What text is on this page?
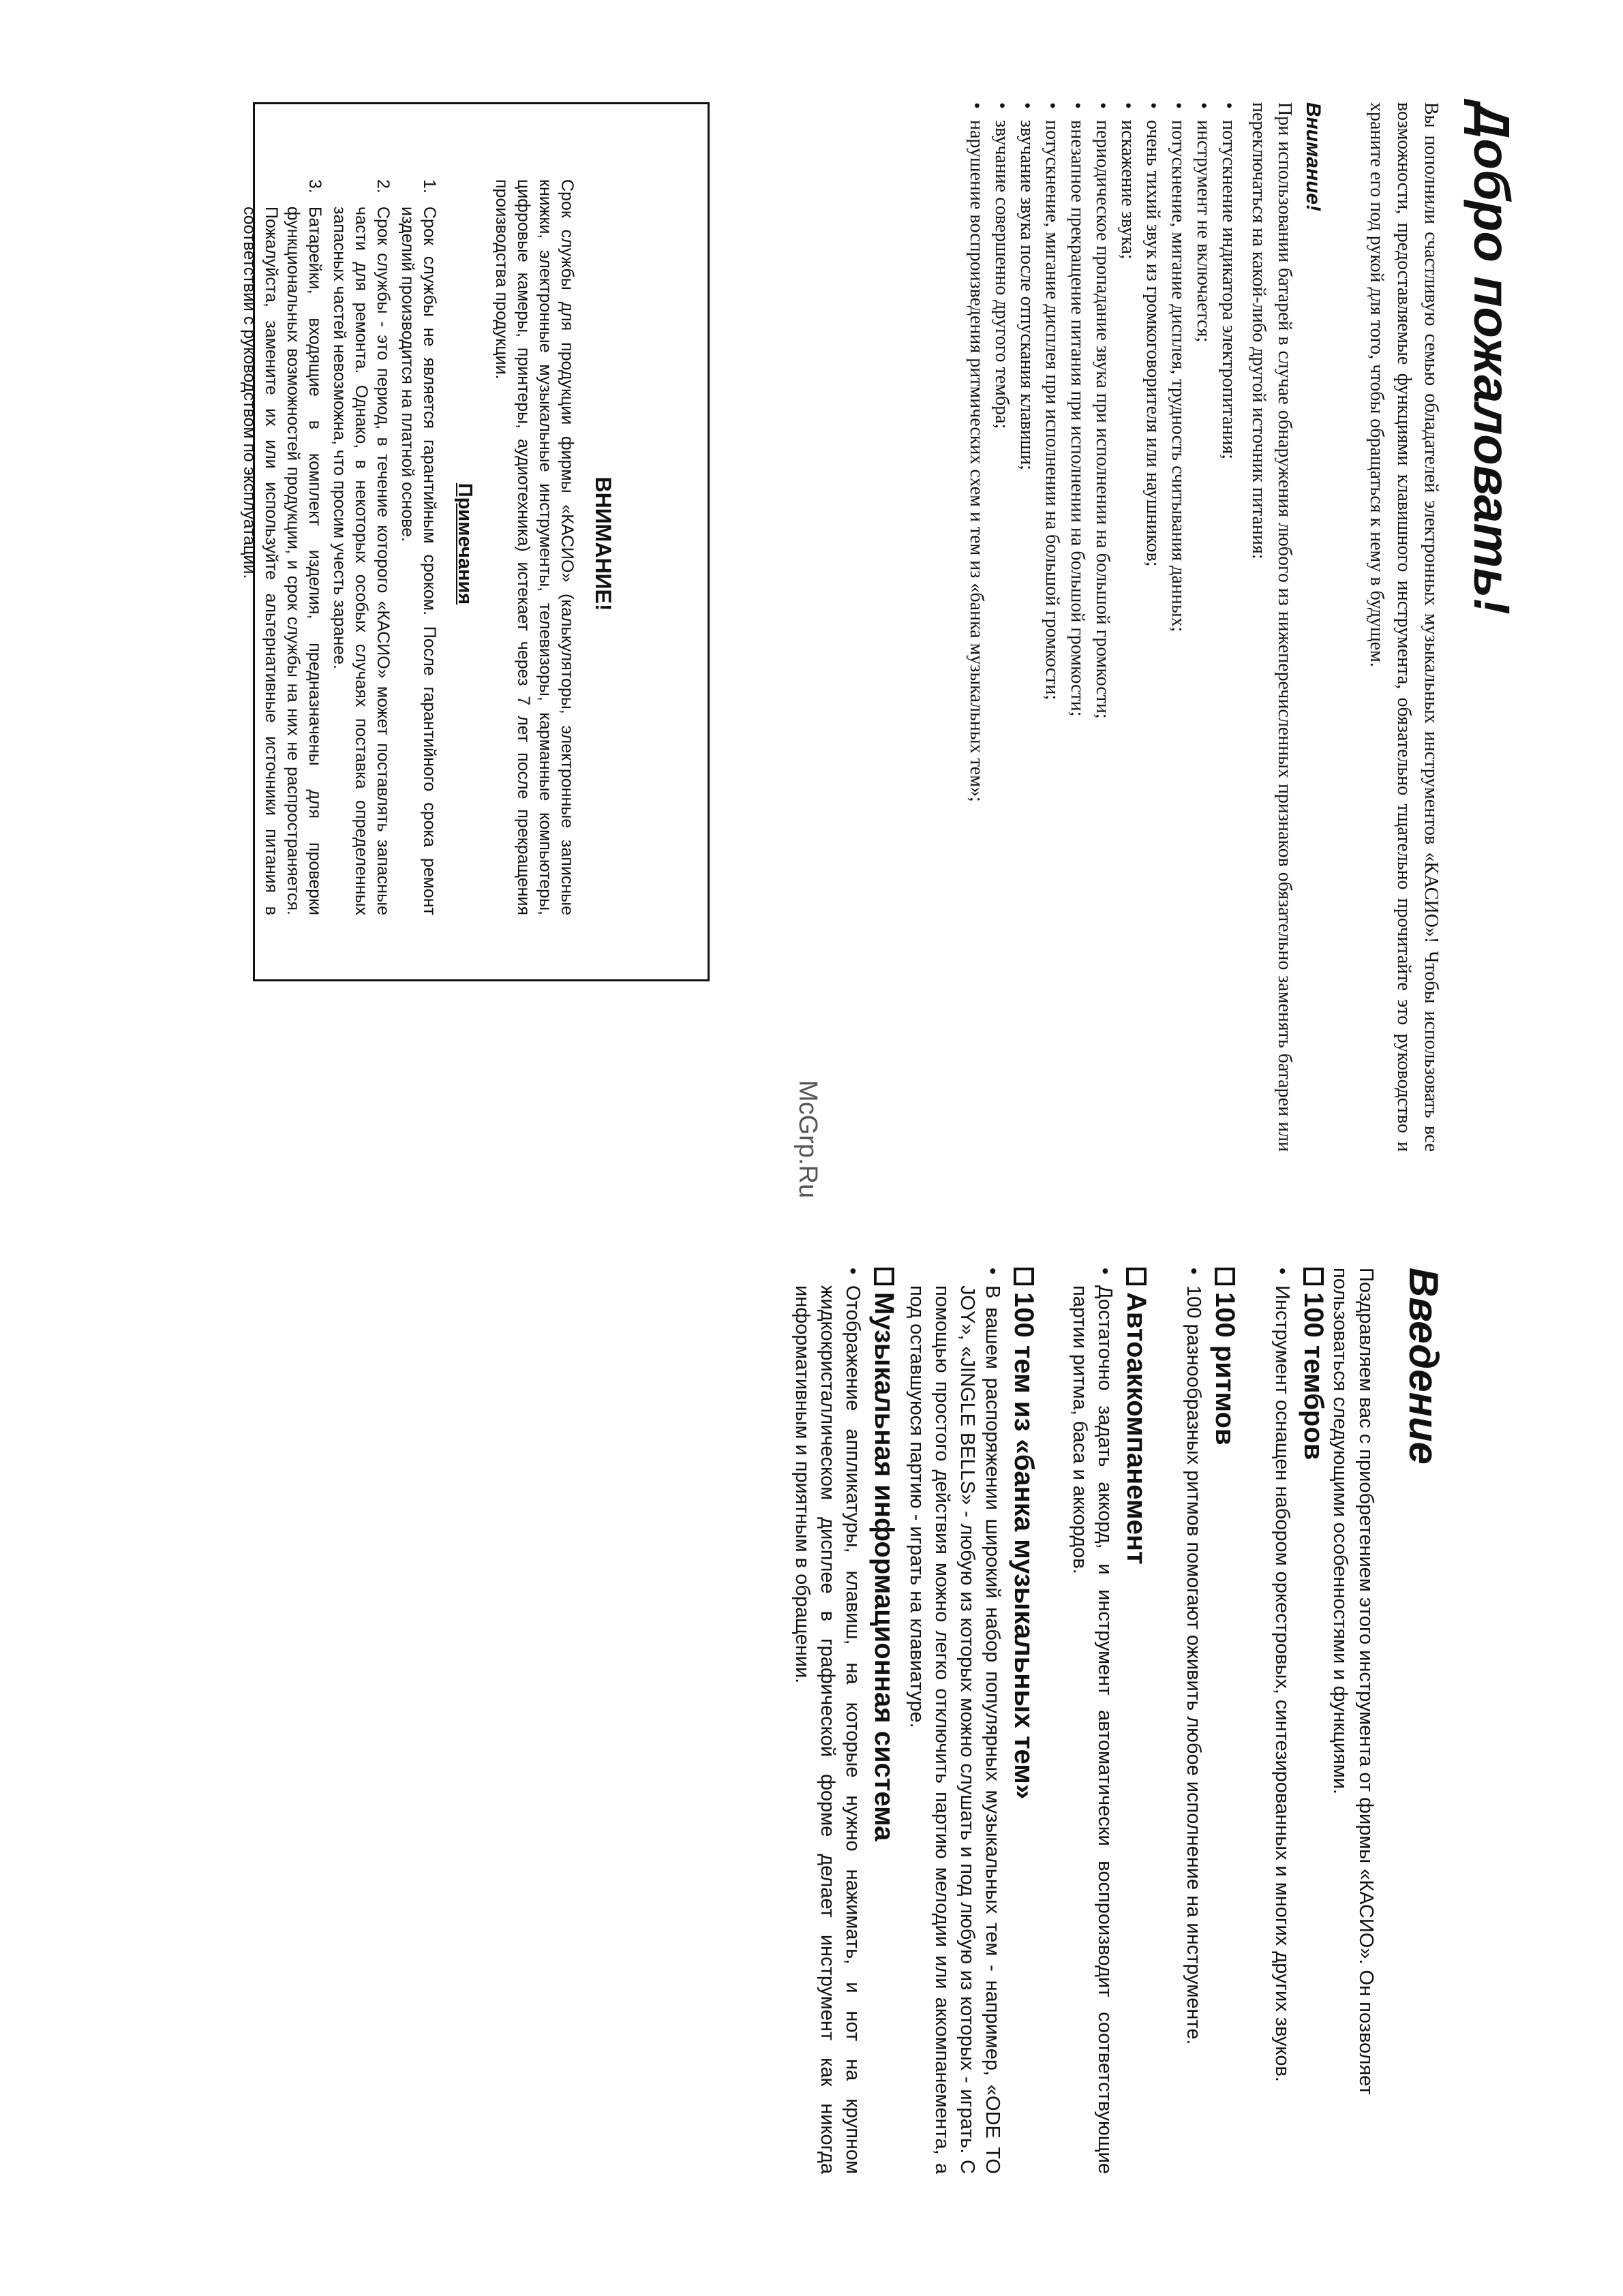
Добро пожаловать!

Вы пополнили счастливую семью обладателей электронных музыкальных инструментов «КАСИО»! Чтобы использовать все возможности, предоставляемые функциями клавишного инструмента, обязательно тщательно прочитайте это руководство и храните его под рукой для того, чтобы обращаться к нему в будущем.

Внимание!

При использовании батарей в случае обнаружения любого из нижеперечисленных признаков обязательно заменять батареи или переключаться на какой-либо другой источник питания:

•
потускнение индикатора электропитания;
•
инструмент не включается;
•
потускнение, мигание дисплея, трудность считывания данных;
•
очень тихий звук из громкоговорителя или наушников;
•
искажение звука;
•
периодическое пропадание звука при исполнении на большой громкости;
•
внезапное прекращение питания при исполнении на большой громкости;
•
потускнение, мигание дисплея при исполнении на большой громкости;
•
звучание звука после отпускания клавиши;
•
звучание совершенно другого тембра;
•
нарушение воспроизведения ритмических схем и тем из «банка музыкальных тем»;
ВНИМАНИЕ!

Срок службы для продукции фирмы «КАСИО» (калькуляторы, электронные записные книжки, электронные музыкальные инструменты, телевизоры, карманные компьютеры, цифровые камеры, принтеры, аудиотехника) истекает через 7 лет после прекращения производства продукции.

Примечания
1.
Срок службы не является гарантийным сроком. После гарантийного срока ремонт изделий производится на платной основе.
2.
Срок службы - это период, в течение которого «КАСИО» может поставлять запасные части для ремонта. Однако, в некоторых особых случаях поставка определенных запасных частей невозможна, что просим учесть заранее.
3.
Батарейки, входящие в комплект изделия, предназначены для проверки функциональных возможностей продукции, и срок службы на них не распространяется. Пожалуйста, замените их или используйте альтернативные источники питания в соответствии с руководством по эксплуатации.

McGrp.Ru

Введение

Поздравляем вас с приобретением этого инструмента от фирмы «КАСИО». Он позволяет пользоваться следующими особенностями и функциями.

100 тембров

•
Инструмент оснащен набором оркестровых, синтезированных и многих других звуков.

100 ритмов

•
100 разнообразных ритмов помогают оживить любое исполнение на инструменте.

Автоаккомпанемент

•
Достаточно задать аккорд, и инструмент автоматически воспроизводит соответствующие партии ритма, баса и аккордов.

100 тем из «банка музыкальных тем»

•
В вашем распоряжении широкий набор популярных музыкальных тем - например, «ODE TO JOY», «JINGLE BELLS» - любую из которых можно слушать и под любую из которых - играть. С помощью простого действия можно легко отключить партию мелодии или аккомпанемента, а под оставшуюся партию - играть на клавиатуре.

Музыкальная информационная система

•
Отображение аппликатуры, клавиш, на которые нужно нажимать, и нот на крупном жидкокристаллическом дисплее в графической форме делает инструмент как никогда информативным и приятным в обращении.
